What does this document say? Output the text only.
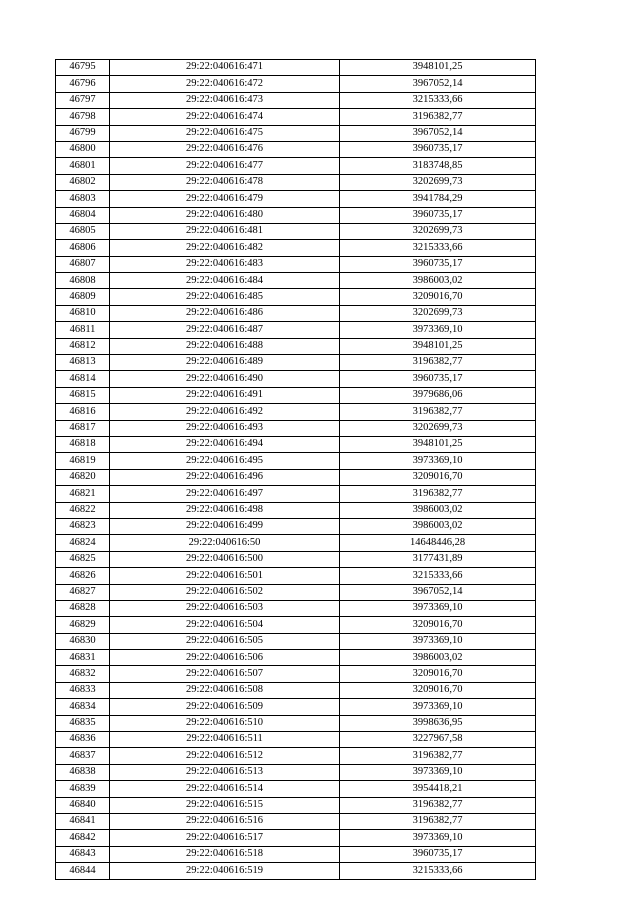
46795	29:22:040616:471	3948101,25
46796	29:22:040616:472	3967052,14
46797	29:22:040616:473	3215333,66
46798	29:22:040616:474	3196382,77
46799	29:22:040616:475	3967052,14
46800	29:22:040616:476	3960735,17
46801	29:22:040616:477	3183748,85
46802	29:22:040616:478	3202699,73
46803	29:22:040616:479	3941784,29
46804	29:22:040616:480	3960735,17
46805	29:22:040616:481	3202699,73
46806	29:22:040616:482	3215333,66
46807	29:22:040616:483	3960735,17
46808	29:22:040616:484	3986003,02
46809	29:22:040616:485	3209016,70
46810	29:22:040616:486	3202699,73
46811	29:22:040616:487	3973369,10
46812	29:22:040616:488	3948101,25
46813	29:22:040616:489	3196382,77
46814	29:22:040616:490	3960735,17
46815	29:22:040616:491	3979686,06
46816	29:22:040616:492	3196382,77
46817	29:22:040616:493	3202699,73
46818	29:22:040616:494	3948101,25
46819	29:22:040616:495	3973369,10
46820	29:22:040616:496	3209016,70
46821	29:22:040616:497	3196382,77
46822	29:22:040616:498	3986003,02
46823	29:22:040616:499	3986003,02
46824	29:22:040616:50	14648446,28
46825	29:22:040616:500	3177431,89
46826	29:22:040616:501	3215333,66
46827	29:22:040616:502	3967052,14
46828	29:22:040616:503	3973369,10
46829	29:22:040616:504	3209016,70
46830	29:22:040616:505	3973369,10
46831	29:22:040616:506	3986003,02
46832	29:22:040616:507	3209016,70
46833	29:22:040616:508	3209016,70
46834	29:22:040616:509	3973369,10
46835	29:22:040616:510	3998636,95
46836	29:22:040616:511	3227967,58
46837	29:22:040616:512	3196382,77
46838	29:22:040616:513	3973369,10
46839	29:22:040616:514	3954418,21
46840	29:22:040616:515	3196382,77
46841	29:22:040616:516	3196382,77
46842	29:22:040616:517	3973369,10
46843	29:22:040616:518	3960735,17
46844	29:22:040616:519	3215333,66
